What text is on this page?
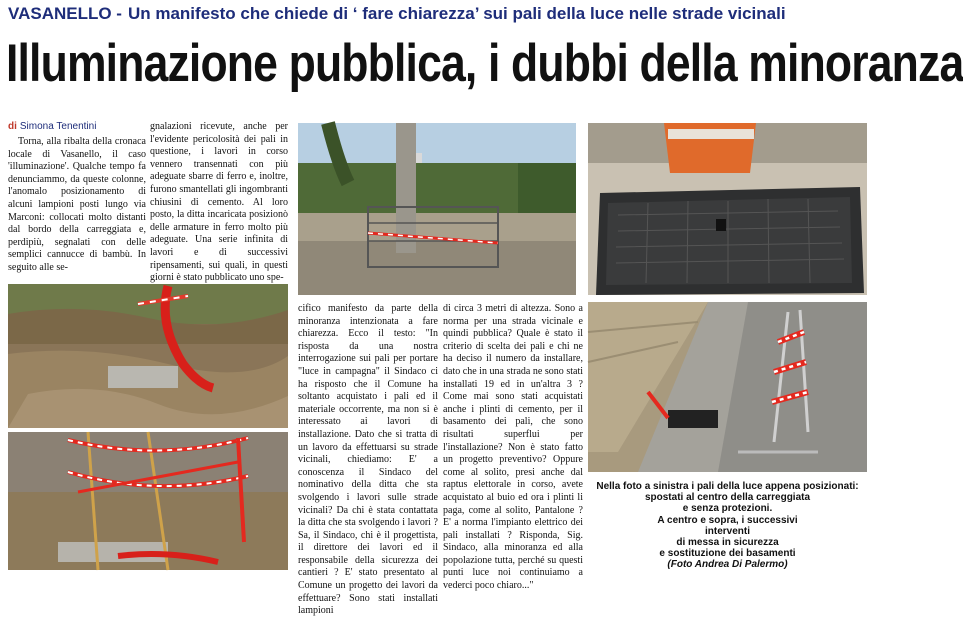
VASANELLO - Un manifesto che chiede di ‘ fare chiarezza’ sui pali della luce nelle strade vicinali
Illuminazione pubblica, i dubbi della minoranza
di Simona Tenentini

Torna, alla ribalta della cronaca locale di Vasanello, il caso 'illuminazione'. Qualche tempo fa denunciammo, da queste colonne, l'anomalo posizionamento di alcuni lampioni posti lungo via Marconi: collocati molto distanti dal bordo della carreggiata e, perdipiù, segnalati con delle semplici cannucce di bambù. In seguito alle se-

gnalazioni ricevute, anche per l'evidente pericolosità dei pali in questione, i lavori in corso vennero transennati con più adeguate sbarre di ferro e, inoltre, furono smantellati gli ingombranti chiusini di cemento. Al loro posto, la ditta incaricata posizionò delle armature in ferro molto più adeguate. Una serie infinita di lavori e di successivi ripensamenti, sui quali, in questi giorni è stato pubblicato uno spe-
cifico manifesto da parte della minoranza intenzionata a fare chiarezza. Ecco il testo: "In risposta da una nostra interrogazione sui pali per portare "luce in campagna" il Sindaco ci ha risposto che il Comune ha soltanto acquistato i pali ed il materiale occorrente, ma non si è interessato ai lavori di installazione. Dato che si tratta di un lavoro da effettuarsi su strade vicinali, chiediamo: E' a conoscenza il Sindaco del nominativo della ditta che sta svolgendo i lavori sulle strade vicinali? Da chi è stata contattata la ditta che sta svolgendo i lavori ? Sa, il Sindaco, chi è il progettista, il direttore dei lavori ed il responsabile della sicurezza dei cantieri ? E' stato presentato al Comune un progetto dei lavori da effettuare? Sono stati installati lampioni
di circa 3 metri di altezza. Sono a norma per una strada vicinale e quindi pubblica? Quale è stato il criterio di scelta dei pali e chi ne ha deciso il numero da installare, dato che in una strada ne sono stati installati 19 ed in un'altra 3 ? Come mai sono stati acquistati anche i plinti di cemento, per il basamento dei pali, che sono risultati superflui per l'installazione? Non è stato fatto un progetto preventivo? Oppure come al solito, presi anche dal raptus elettorale in corso, avete acquistato al buio ed ora i plinti li paga, come al solito, Pantalone ? E' a norma l'impianto elettrico dei pali installati ? Risponda, Sig. Sindaco, alla minoranza ed alla popolazione tutta, perché su questi punti luce noi continuiamo a vederci poco chiaro..."
Nella foto a sinistra i pali della luce appena posizionati:
spostati al centro della carreggiata
e senza protezioni.
A centro e sopra, i successivi
interventi
di messa in sicurezza
e sostituzione dei basamenti
(Foto Andrea Di Palermo)
